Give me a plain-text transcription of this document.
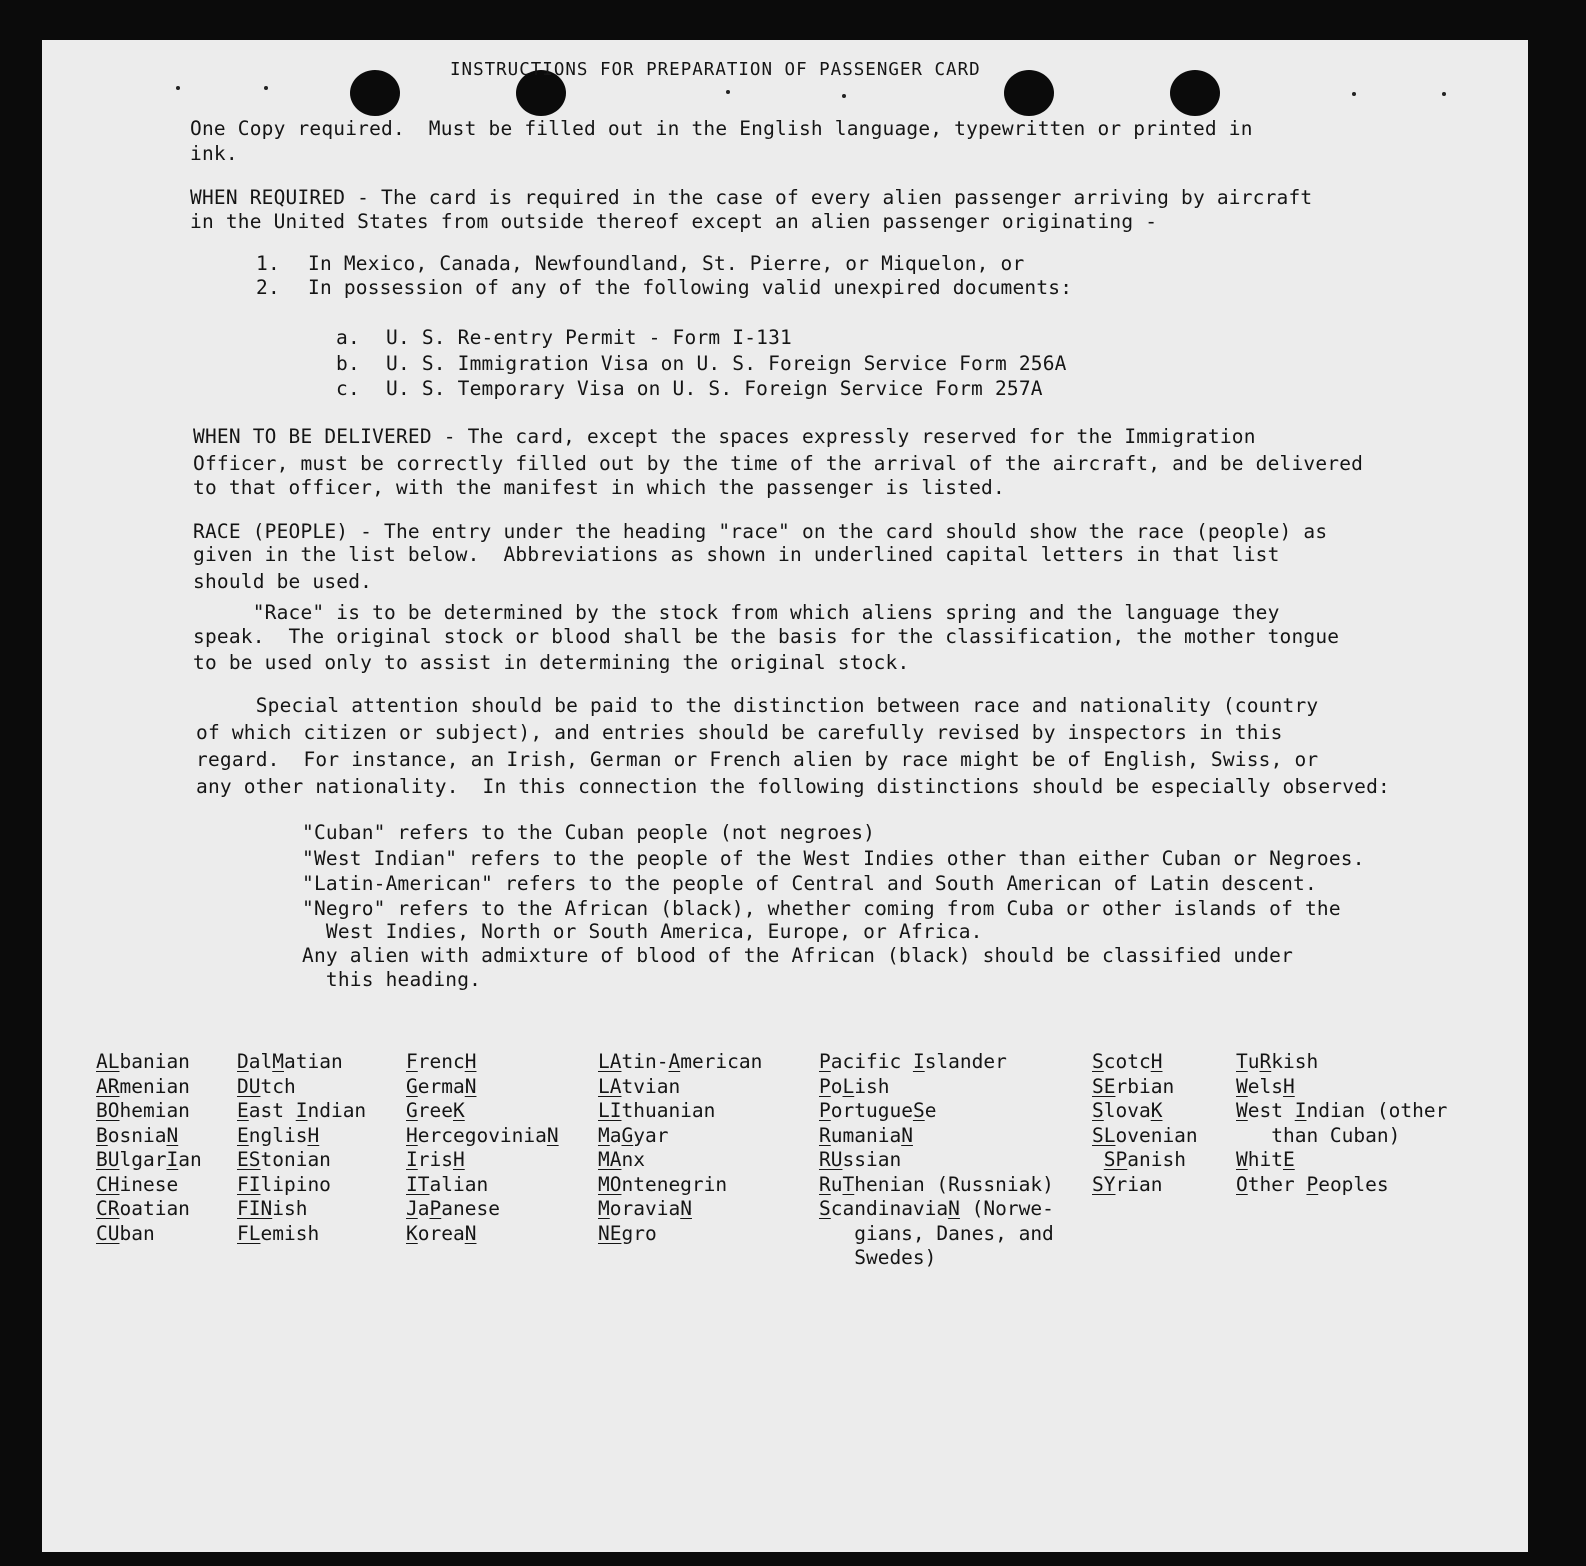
INSTRUCTIONS FOR PREPARATION OF PASSENGER CARD
One Copy required.  Must be filled out in the English language, typewritten or printed in
ink.
WHEN REQUIRED - The card is required in the case of every alien passenger arriving by aircraft
in the United States from outside thereof except an alien passenger originating -
1. In Mexico, Canada, Newfoundland, St. Pierre, or Miquelon, or
2. In possession of any of the following valid unexpired documents:
a. U. S. Re-entry Permit - Form I-131
b. U. S. Immigration Visa on U. S. Foreign Service Form 256A
c. U. S. Temporary Visa on U. S. Foreign Service Form 257A
WHEN TO BE DELIVERED - The card, except the spaces expressly reserved for the Immigration
Officer, must be correctly filled out by the time of the arrival of the aircraft, and be delivered
to that officer, with the manifest in which the passenger is listed.
RACE (PEOPLE) - The entry under the heading "race" on the card should show the race (people) as
given in the list below.  Abbreviations as shown in underlined capital letters in that list
should be used.
"Race" is to be determined by the stock from which aliens spring and the language they
speak.  The original stock or blood shall be the basis for the classification, the mother tongue
to be used only to assist in determining the original stock.
Special attention should be paid to the distinction between race and nationality (country
of which citizen or subject), and entries should be carefully revised by inspectors in this
regard.  For instance, an Irish, German or French alien by race might be of English, Swiss, or
any other nationality.  In this connection the following distinctions should be especially observed:
"Cuban" refers to the Cuban people (not negroes)
"West Indian" refers to the people of the West Indies other than either Cuban or Negroes.
"Latin-American" refers to the people of Central and South American of Latin descent.
"Negro" refers to the African (black), whether coming from Cuba or other islands of the
West Indies, North or South America, Europe, or Africa.
Any alien with admixture of blood of the African (black) should be classified under
this heading.
ALbanian
ARmenian
BOhemian
BosniaN
BUlgarIan
CHinese
CRoatian
CUban
DalMatian
DUtch
East Indian
EnglisH
EStonian
FIlipino
FINish
FLemish
FrencH
GermaN
GreeK
HercegoviniaN
IrisH
ITalian
JaPanese
KoreaN
LAtin-American
LAtvian
LIthuanian
MaGyar
MAnx
MOntenegrin
MoraviaN
NEgro
Pacific Islander
PoLish
PortugueSe
RumaniaN
RUssian
RuThenian (Russniak)
ScandinaviaN (Norwe-
gians, Danes, and
Swedes)
ScotcH
SErbian
SlovaK
SLovenian
SPanish
SYrian
TuRkish
WelsH
West Indian (other
than Cuban)
WhitE
Other Peoples
